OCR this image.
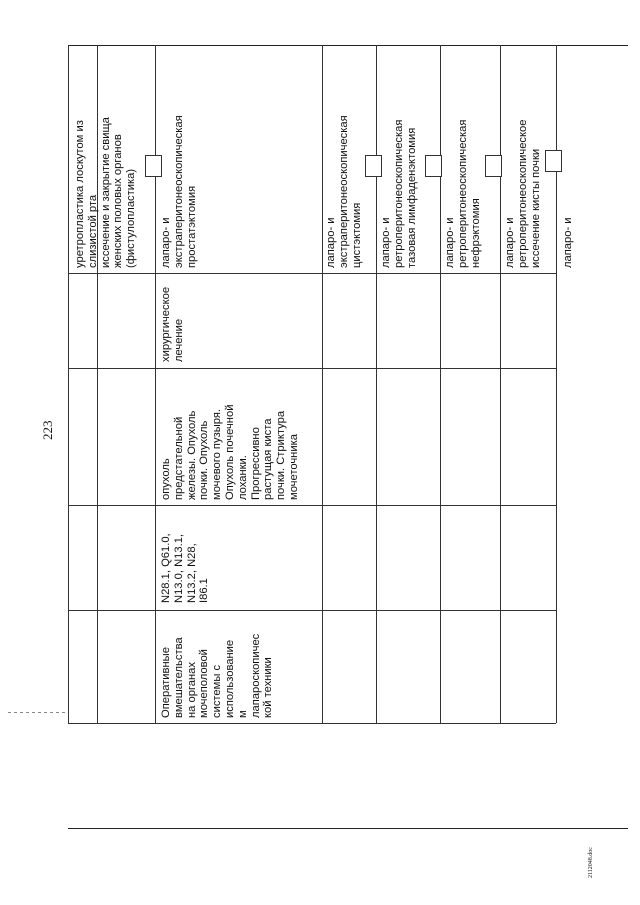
223
2112048.doc
уретропластика лоскутом из
слизистой рта
иссечение и закрытие свища
женских половых органов
(фистулопластика)
Оперативные
вмешательства
на органах
мочеполовой
системы с
использование
м
лапароскопичес
кой техники
N28.1, Q61.0,
N13.0, N13.1,
N13.2, N28,
I86.1
опухоль
предстательной
железы. Опухоль
почки. Опухоль
мочевого пузыря.
Опухоль почечной
лоханки.
Прогрессивно
растущая киста
почки. Стриктура
мочеточника
хирургическое
лечение
лапаро- и
экстраперитонеоскопическая
простатэктомия	лапаро- и
экстраперитонеоскопическая
цистэктомия лапаро- и
ретроперитонеоскопическая
тазовая лимфаденэктомия
лапаро- и
ретроперитонеоскопическая
нефрэктомия лапаро- и
ретроперитонеоскопическое
иссечение кисты почки
лапаро- и
